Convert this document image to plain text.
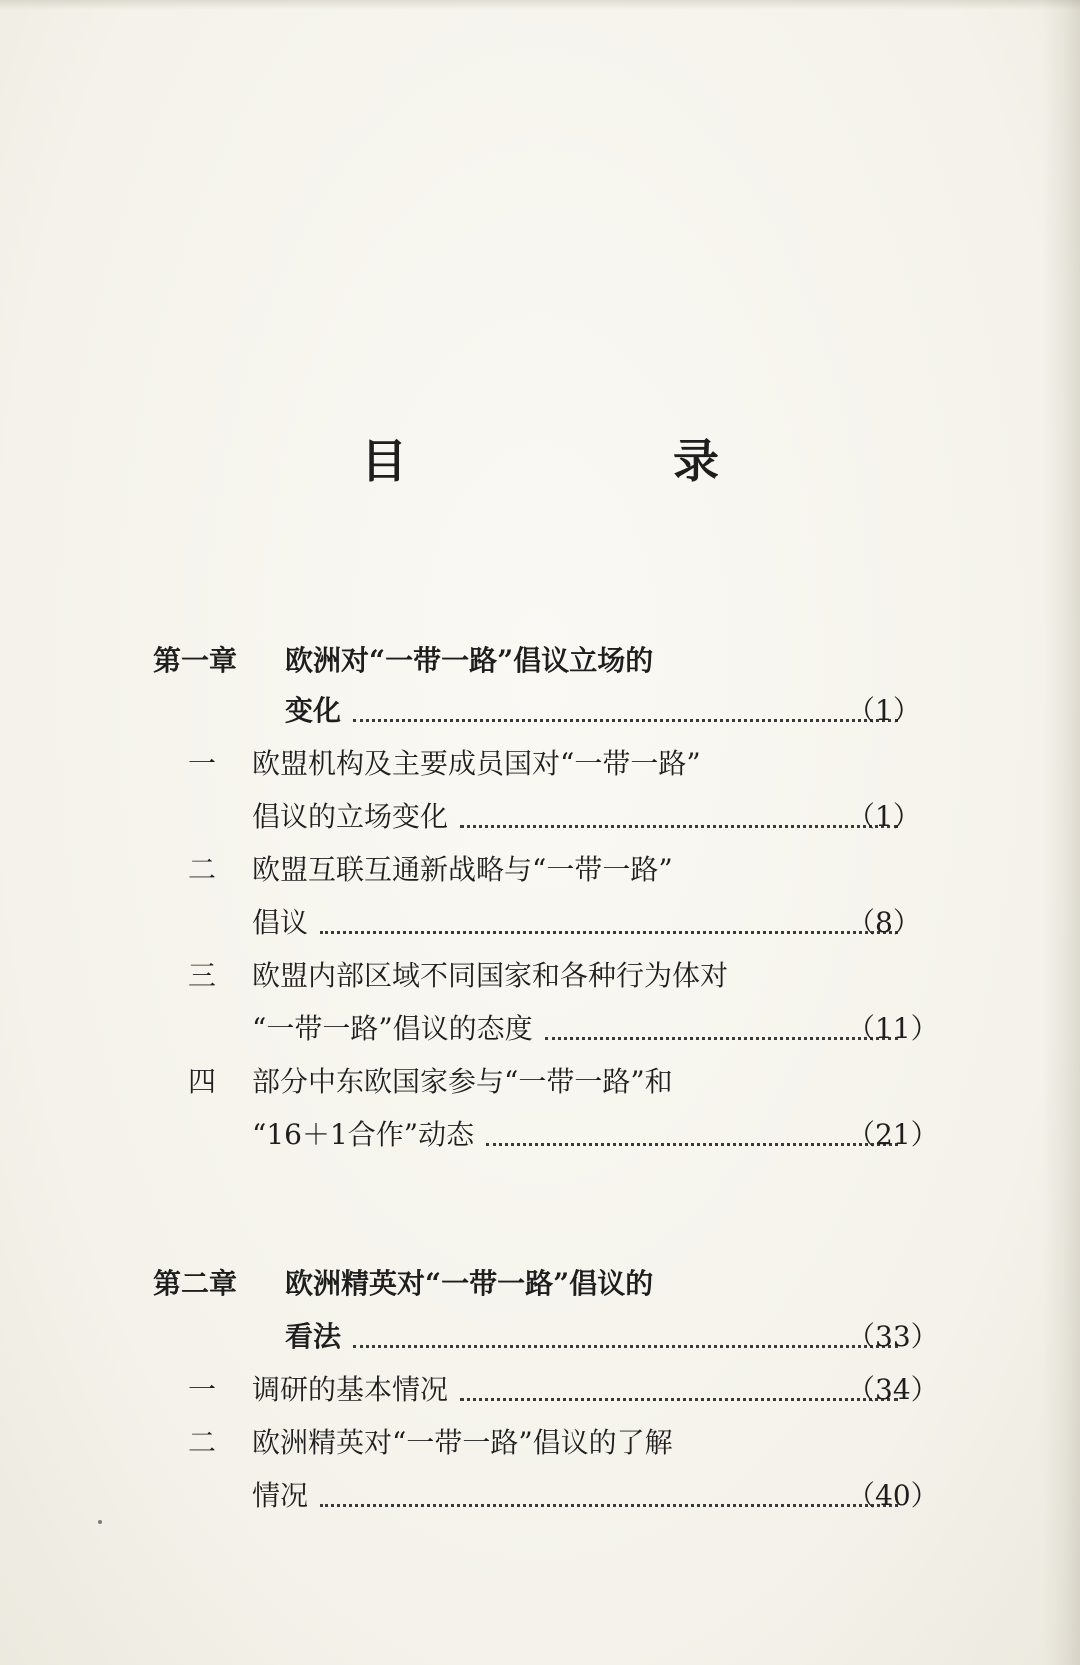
目　录
第一章 欧洲对“一带一路”倡议立场的
变化	（1）
一 欧盟机构及主要成员国对“一带一路”
倡议的立场变化	（1）
二 欧盟互联互通新战略与“一带一路”
倡议	（8）
三 欧盟内部区域不同国家和各种行为体对
“一带一路”倡议的态度	（11）
四 部分中东欧国家参与“一带一路”和
“16＋1合作”动态	（21）
第二章 欧洲精英对“一带一路”倡议的
看法	（33）
一 调研的基本情况	（34）
二 欧洲精英对“一带一路”倡议的了解
情况	（40）
